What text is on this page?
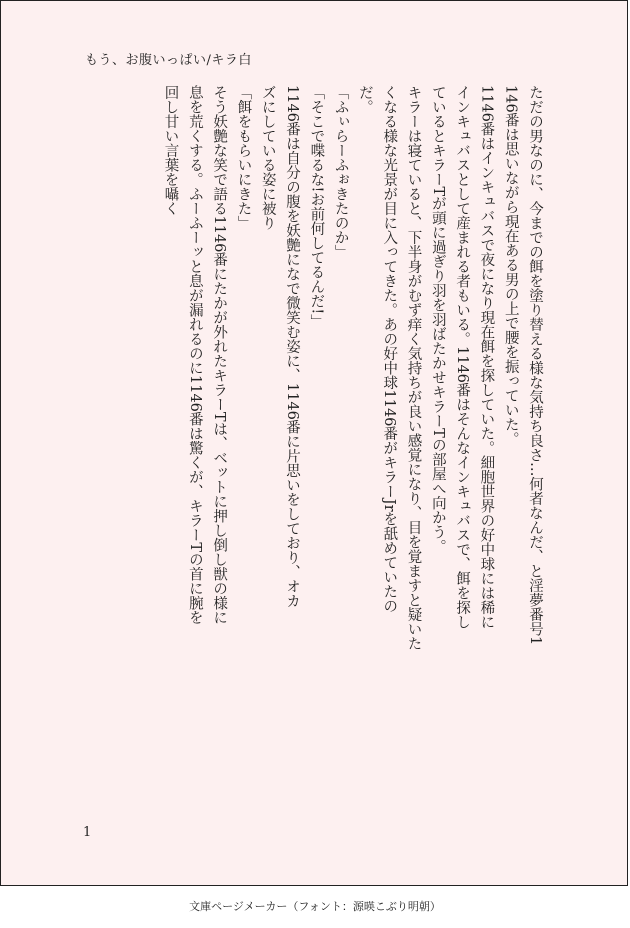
もう、お腹いっぱい/キラ白
ただの男なのに、今までの餌を塗り替える様な気持ち良さ…何者なんだ、と淫夢番号1
146番は思いながら現在ある男の上で腰を振っていた。
1146番はインキュバスで夜になり現在餌を探していた。細胞世界の好中球には稀に
インキュバスとして産まれる者もいる。1146番はそんなインキュバスで、餌を探し
ているとキラーTが頭に過ぎり羽を羽ばたかせキラーTの部屋へ向かう。
キラーは寝ていると、下半身がむず痒く気持ちが良い感覚になり、目を覚ますと疑いた
くなる様な光景が目に入ってきた。あの好中球1146番がキラーJrを舐めていたの
だ。
「ふぃらーふぉきたのか」
「そこで喋るな!お前何してるんだ!」
1146番は自分の腹を妖艶になで微笑む姿に、1146番に片思いをしており、オカ
ズにしている姿に被り
「餌をもらいにきた」
そう妖艶な笑で語る1146番にたかが外れたキラーTは、ベットに押し倒し獣の様に
息を荒くする。ふーふーッと息が漏れるのに1146番は驚くが、キラーTの首に腕を
回し甘い言葉を囁く
1
文庫ページメーカー（フォント：源暎こぶり明朝）
